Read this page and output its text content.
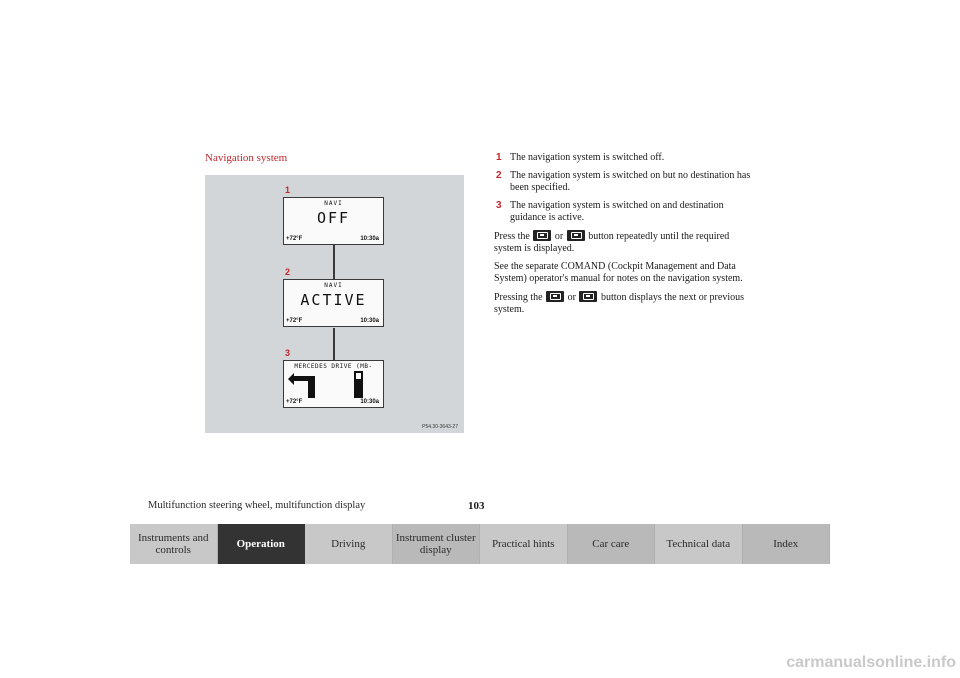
Navigation system
1
NAVI
OFF
+72°F	10:30a
2
NAVI
ACTIVE
+72°F	10:30a
3
MERCEDES DRIVE (MB-
+72°F	10:30a
P54.30-3643-27
1 The navigation system is switched off.
2 The navigation system is switched on but no destination has been specified.
3 The navigation system is switched on and destination guidance is active.

Press the	or	button repeatedly until the required system is displayed.

See the separate COMAND (Cockpit Management and Data System) operator's manual for notes on the navigation system.

Pressing the	or	button displays the next or previous system.

Multifunction steering wheel, multifunction display	103
Instruments and controls	Operation	Driving	Instrument cluster display	Practical hints	Car care	Technical data	Index
carmanualsonline.info
